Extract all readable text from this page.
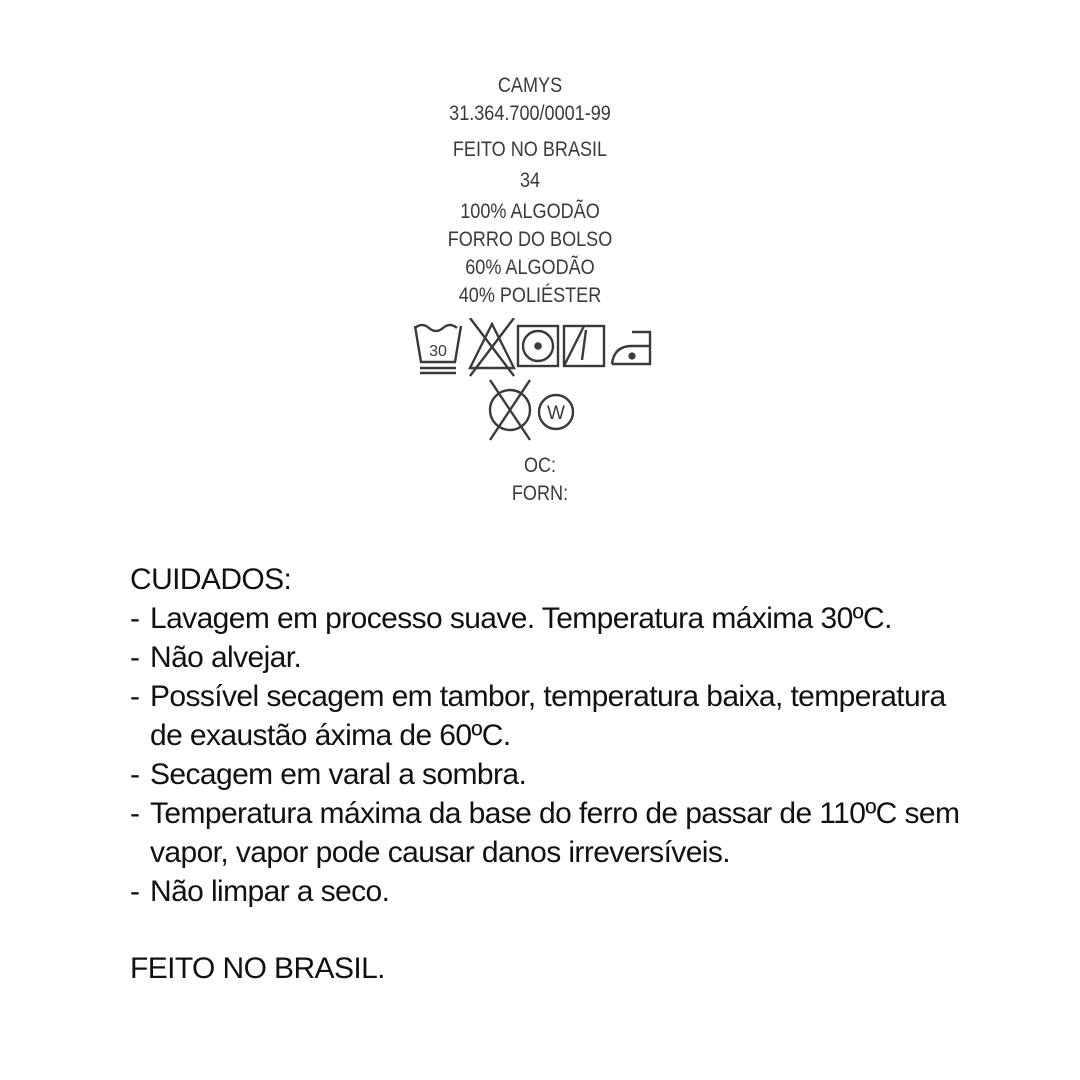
CAMYS
31.364.700/0001-99
FEITO NO BRASIL
34
100% ALGODÃO
FORRO DO BOLSO
60% ALGODÃO
40% POLIÉSTER
30
W
OC:
FORN:
CUIDADOS:
- Lavagem em processo suave. Temperatura máxima 30ºC.
- Não alvejar.
- Possível secagem em tambor, temperatura baixa, temperatura de exaustão áxima de 60ºC.
- Secagem em varal a sombra.
- Temperatura máxima da base do ferro de passar de 110ºC sem vapor, vapor pode causar danos irreversíveis.
- Não limpar a seco.
FEITO NO BRASIL.
